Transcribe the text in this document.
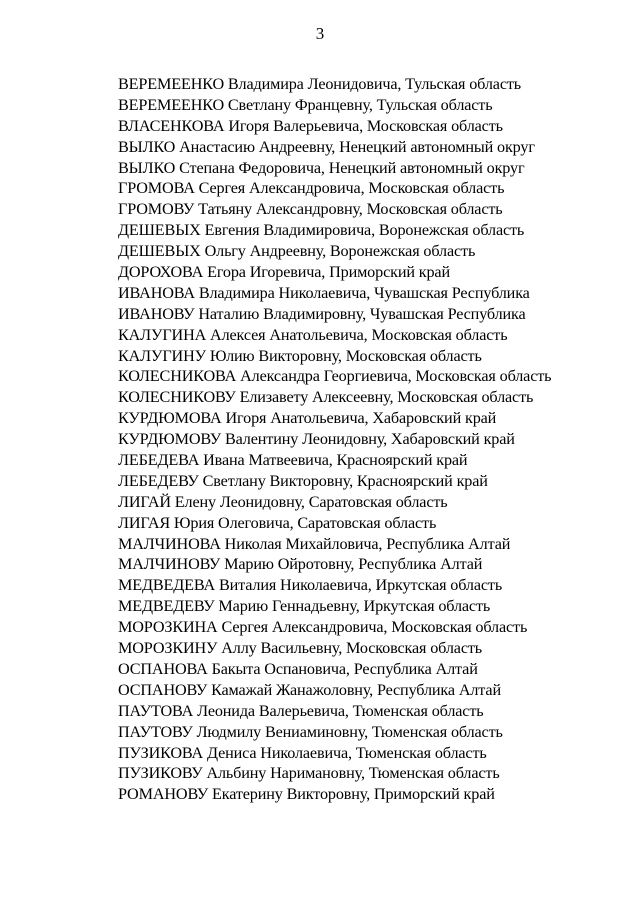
3
ВЕРЕМЕЕНКО Владимира Леонидовича, Тульская область
ВЕРЕМЕЕНКО Светлану Францевну, Тульская область
ВЛАСЕНКОВА Игоря Валерьевича, Московская область
ВЫЛКО Анастасию Андреевну, Ненецкий автономный округ
ВЫЛКО Степана Федоровича, Ненецкий автономный округ
ГРОМОВА Сергея Александровича, Московская область
ГРОМОВУ Татьяну Александровну, Московская область
ДЕШЕВЫХ Евгения Владимировича, Воронежская область
ДЕШЕВЫХ Ольгу Андреевну, Воронежская область
ДОРОХОВА Егора Игоревича, Приморский край
ИВАНОВА Владимира Николаевича, Чувашская Республика
ИВАНОВУ Наталию Владимировну, Чувашская Республика
КАЛУГИНА Алексея Анатольевича, Московская область
КАЛУГИНУ Юлию Викторовну, Московская область
КОЛЕСНИКОВА Александра Георгиевича, Московская область
КОЛЕСНИКОВУ Елизавету Алексеевну, Московская область
КУРДЮМОВА Игоря Анатольевича, Хабаровский край
КУРДЮМОВУ Валентину Леонидовну, Хабаровский край
ЛЕБЕДЕВА Ивана Матвеевича, Красноярский край
ЛЕБЕДЕВУ Светлану Викторовну, Красноярский край
ЛИГАЙ Елену Леонидовну, Саратовская область
ЛИГАЯ Юрия Олеговича, Саратовская область
МАЛЧИНОВА Николая Михайловича, Республика Алтай
МАЛЧИНОВУ Марию Ойротовну, Республика Алтай
МЕДВЕДЕВА Виталия Николаевича, Иркутская область
МЕДВЕДЕВУ Марию Геннадьевну, Иркутская область
МОРОЗКИНА Сергея Александровича, Московская область
МОРОЗКИНУ Аллу Васильевну, Московская область
ОСПАНОВА Бакыта Оспановича, Республика Алтай
ОСПАНОВУ Камажай Жанажоловну, Республика Алтай
ПАУТОВА Леонида Валерьевича, Тюменская область
ПАУТОВУ Людмилу Вениаминовну, Тюменская область
ПУЗИКОВА Дениса Николаевича, Тюменская область
ПУЗИКОВУ Альбину Наримановну, Тюменская область
РОМАНОВУ Екатерину Викторовну, Приморский край
